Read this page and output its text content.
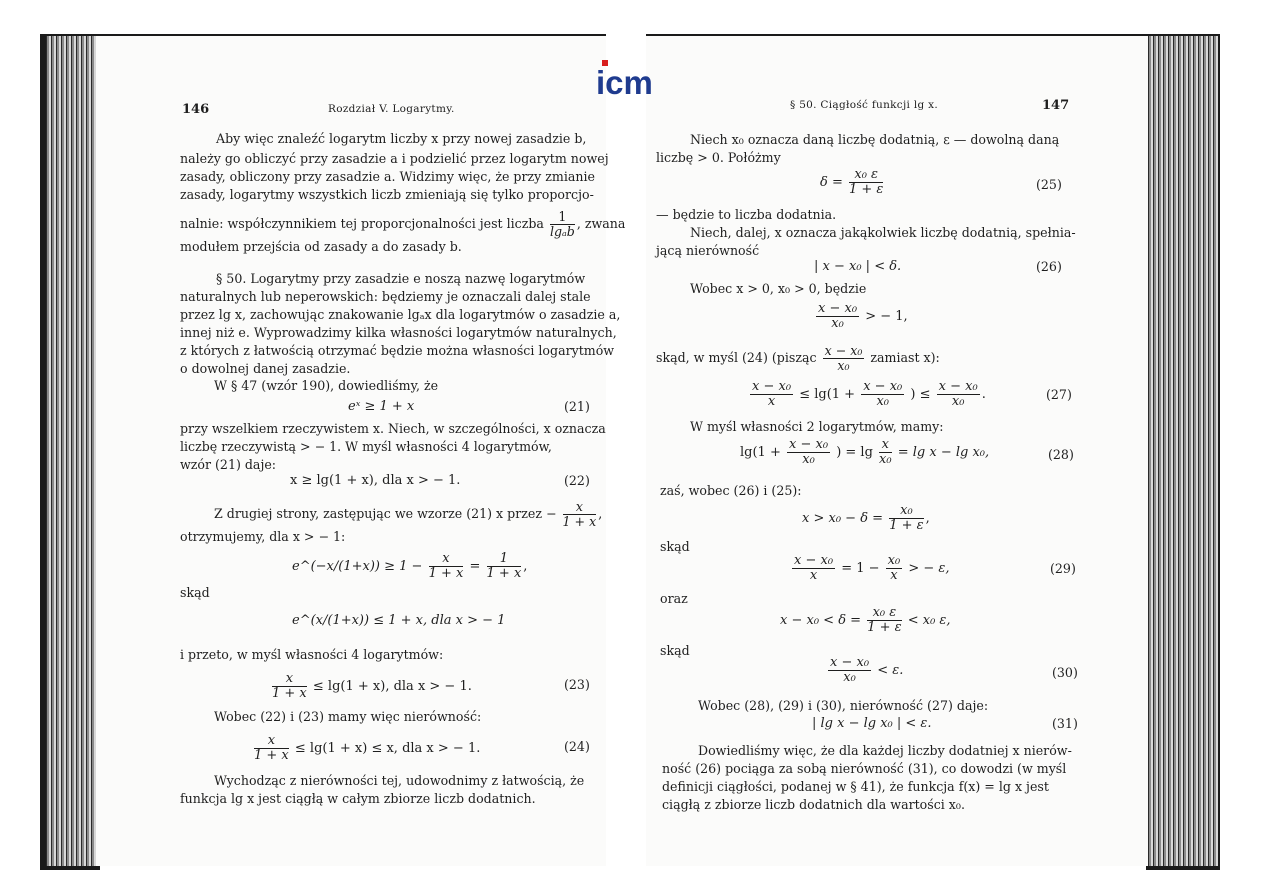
icm
146	Rozdział V. Logarytmy.
Aby więc znaleźć logarytm liczby x przy nowej zasadzie b,
należy go obliczyć przy zasadzie a i podzielić przez logarytm nowej
zasady, obliczony przy zasadzie a. Widzimy więc, że przy zmianie
zasady, logarytmy wszystkich liczb zmieniają się tylko proporcjo-
nalnie: współczynnikiem tej proporcjonalności jest liczba $\frac{1}{\text{lgₐb}}$ , zwana
modułem przejścia od zasady a do zasady b.
§ 50. Logarytmy przy zasadzie e noszą nazwę logarytmów
naturalnych lub neperowskich: będziemy je oznaczali dalej stale
przez lg x, zachowując znakowanie lgₐx dla logarytmów o zasadzie a,
innej niż e. Wyprowadzimy kilka własności logarytmów naturalnych,
z których z łatwością otrzymać będzie można własności logarytmów
o dowolnej danej zasadzie.
W § 47 (wzór 190), dowiedliśmy, że
eˣ ≥ 1 + x	(21)
przy wszelkiem rzeczywistem x. Niech, w szczególności, x oznacza
liczbę rzeczywistą > − 1. W myśl własności 4 logarytmów,
wzór (21) daje:
x ≥ lg(1 + x), dla x > − 1.	(22)
Z drugiej strony, zastępując we wzorze (21) x przez − $\frac{x}{1 + x}$ ,
otrzymujemy, dla x > − 1:
e^(−x/(1+x)) ≥ $1 - \frac{x}{1 + x} = \frac{1}{1 + x}$ ,
skąd
e^(x/(1+x)) ≤ 1 + x, dla x > − 1
i przeto, w myśl własności 4 logarytmów:
$\frac{x}{1 + x} \le \lg(1 + x)$, dla x > − 1.	(23)
Wobec (22) i (23) mamy więc nierówność:
$\frac{x}{1 + x} \le \lg(1 + x) \le x$, dla x > − 1.	(24)
Wychodząc z nierówności tej, udowodnimy z łatwością, że
funkcja lg x jest ciągłą w całym zbiorze liczb dodatnich.
§ 50. Ciągłość funkcji lg x.	147
Niech x₀ oznacza daną liczbę dodatnią, ε — dowolną daną
liczbę > 0. Połóżmy
$\delta = \frac{\text{x₀ ε}}{1 + \varepsilon}$	(25)
— będzie to liczba dodatnia.
Niech, dalej, x oznacza jakąkolwiek liczbę dodatnią, spełnia-
jącą nierówność
| x − x₀ | < δ.	(26)
Wobec x > 0, x₀ > 0, będzie
$\frac{\text{x − x₀}}{\text{x₀}}$ > − 1,
skąd, w myśl (24) (pisząc $\frac{\text{x − x₀}}{\text{x₀}}$ zamiast x):
$\frac{\text{x − x₀}}{x} \le \lg(1 + \frac{\text{x − x₀}}{\text{x₀}}$ ) ≤ $\frac{\text{x − x₀}}{\text{x₀}}$ .	(27)
W myśl własności 2 logarytmów, mamy:
$\lg(1 + \frac{\text{x − x₀}}{\text{x₀}}$ ) = $\lg \frac{x}{\text{x₀}} = \lg x - \lg x_0$,	(28)
zaś, wobec (26) i (25):
$x > x_0 - \delta = \frac{\text{x₀}}{1 + \varepsilon}$ ,
skąd
$\frac{\text{x − x₀}}{x} = 1 - \frac{\text{x₀}}{x}$ > − ε,	(29)
oraz
$x - x_0 < \delta = \frac{\text{x₀ ε}}{1 + \varepsilon} < x_0$ ε,
skąd
$\frac{\text{x − x₀}}{\text{x₀}} < \varepsilon$.	(30)
Wobec (28), (29) i (30), nierówność (27) daje:
| lg x − lg x₀ | < ε.	(31)
Dowiedliśmy więc, że dla każdej liczby dodatniej x nierów-
ność (26) pociąga za sobą nierówność (31), co dowodzi (w myśl
definicji ciągłości, podanej w § 41), że funkcja f(x) = lg x jest
ciągłą z zbiorze liczb dodatnich dla wartości x₀.
